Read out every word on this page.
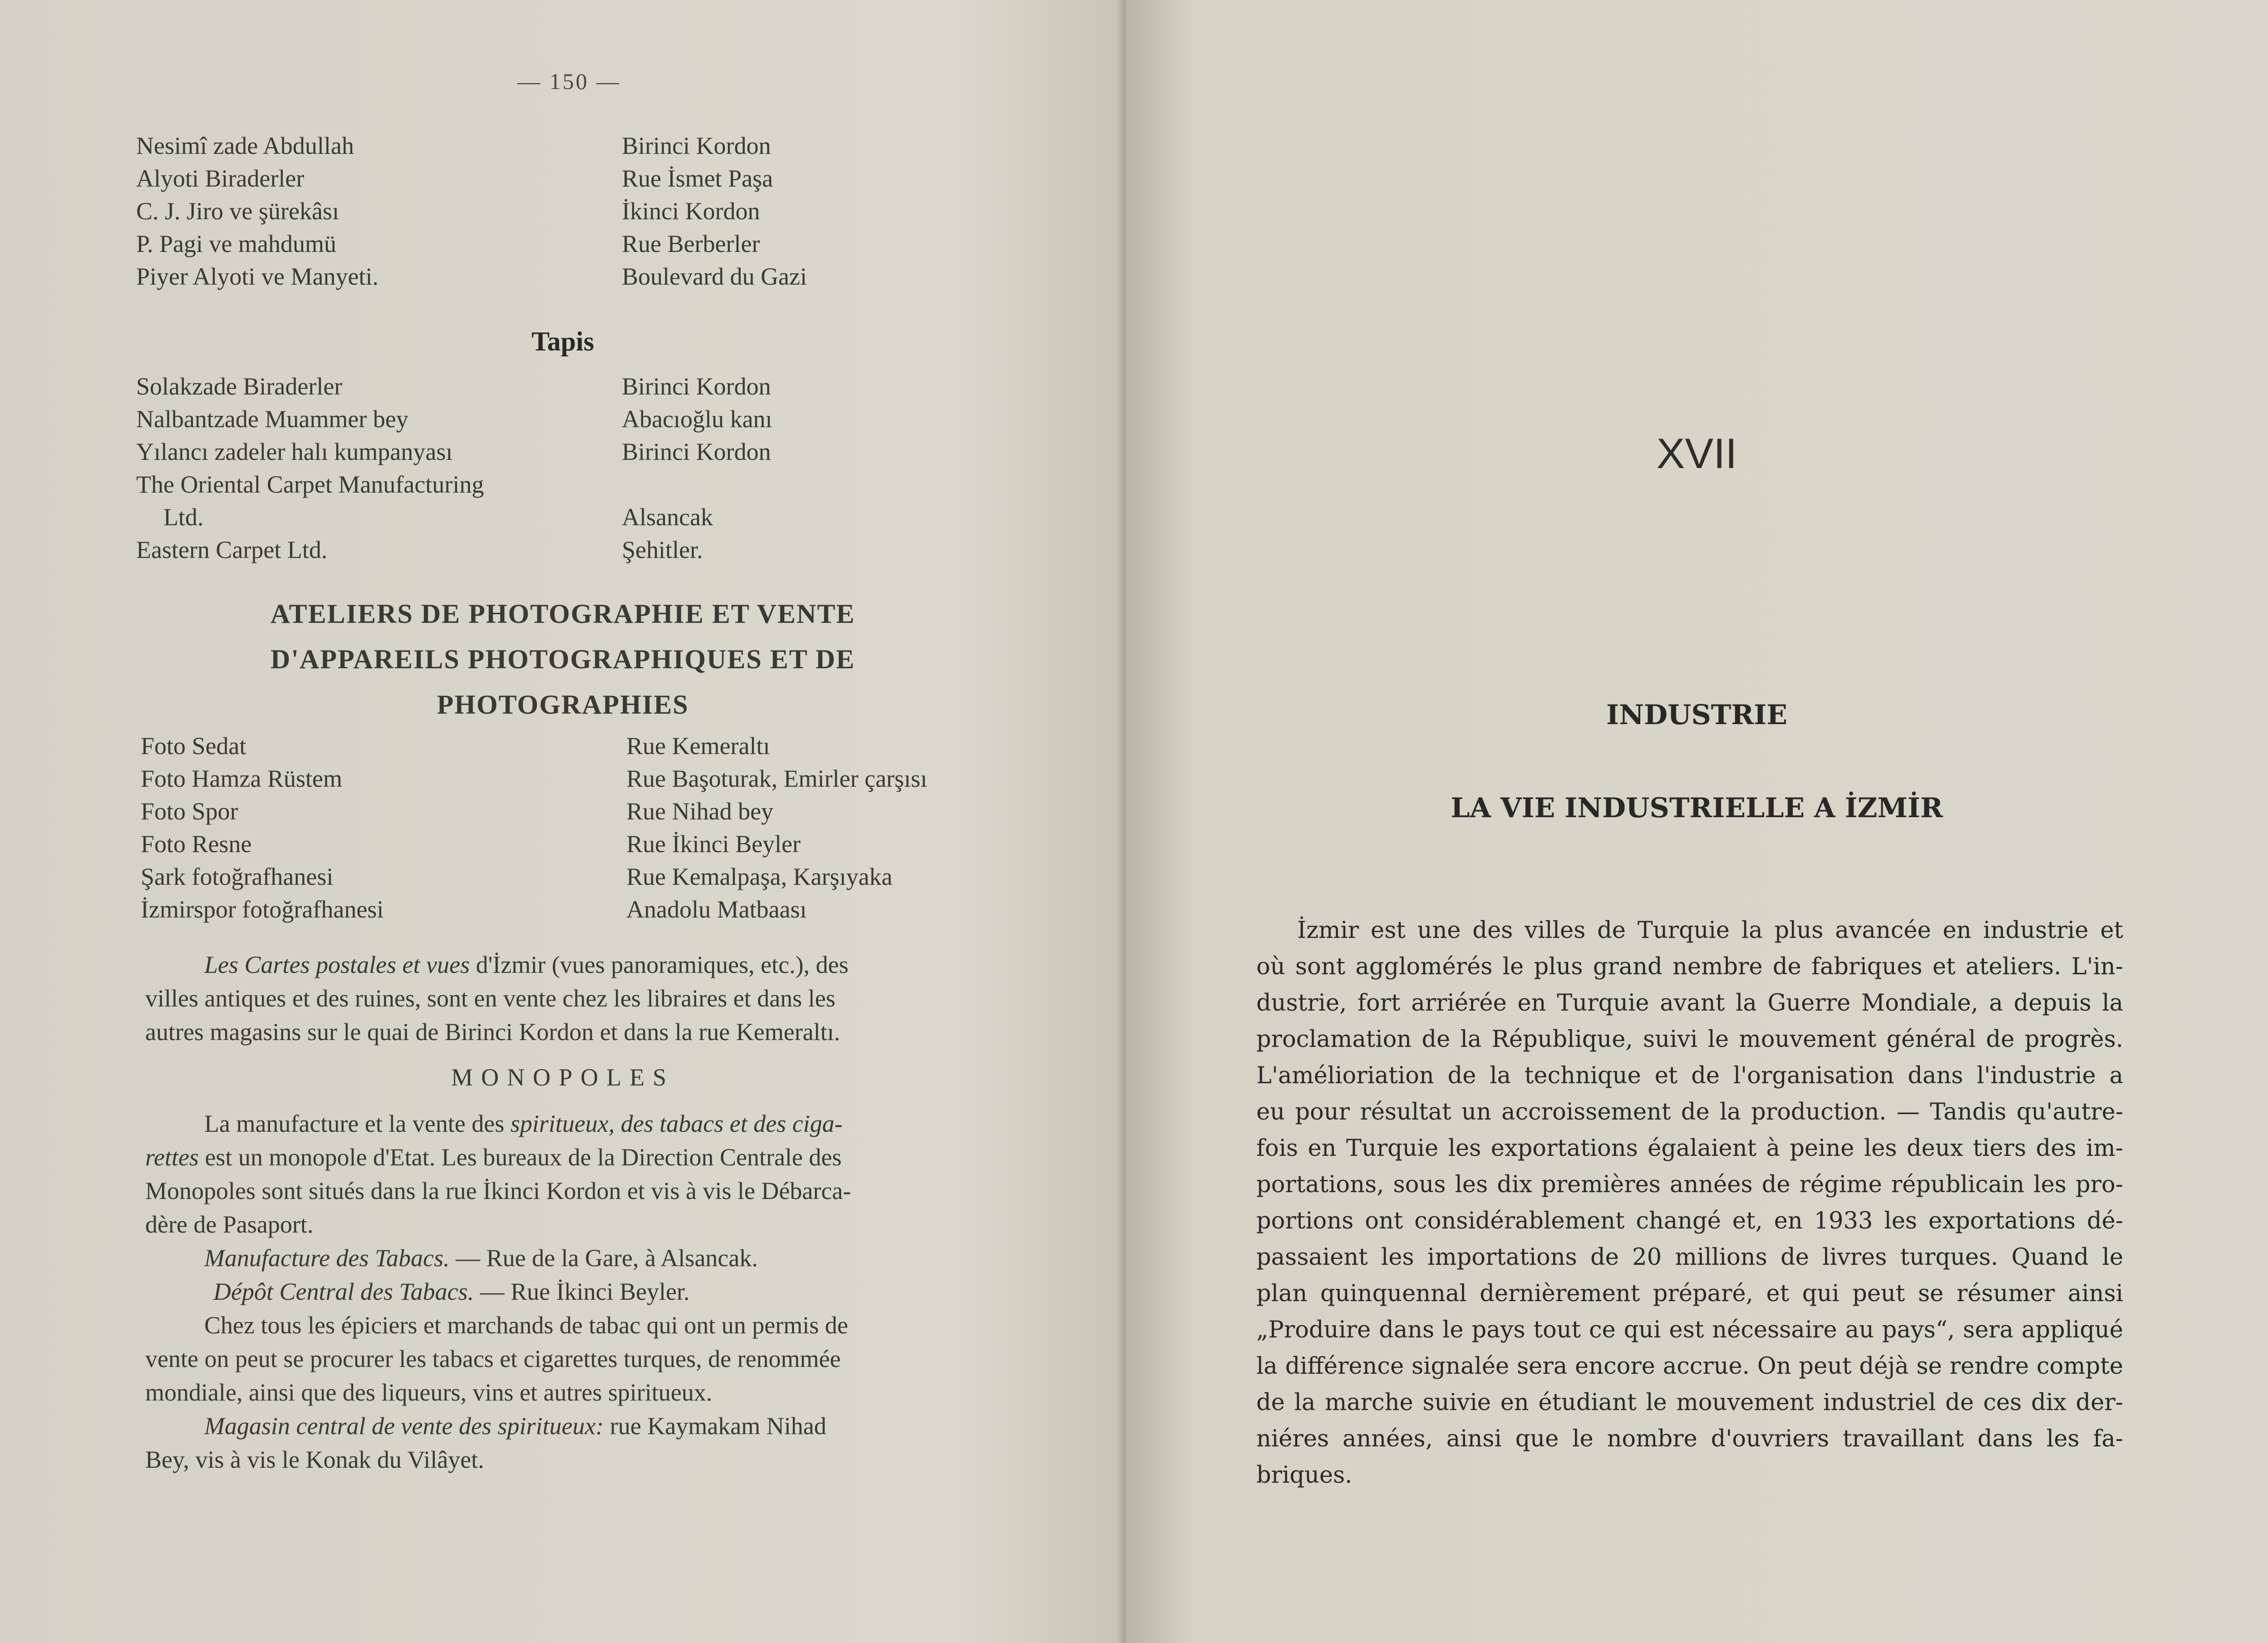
— 150 —
Nesimî zade Abdullah	Birinci Kordon
Alyoti Biraderler	Rue İsmet Paşa
C. J. Jiro ve şürekâsı	İkinci Kordon
P. Pagi ve mahdumü	Rue Berberler
Piyer Alyoti ve Manyeti.	Boulevard du Gazi
Tapis
Solakzade Biraderler	Birinci Kordon
Nalbantzade Muammer bey	Abacıoğlu kanı
Yılancı zadeler halı kumpanyası	Birinci Kordon
The Oriental Carpet Manufacturing
Ltd.	Alsancak
Eastern Carpet Ltd.	Şehitler.
ATELIERS DE PHOTOGRAPHIE ET VENTE
D'APPAREILS PHOTOGRAPHIQUES ET DE
PHOTOGRAPHIES
Foto Sedat	Rue Kemeraltı
Foto Hamza Rüstem	Rue Başoturak, Emirler çarşısı
Foto Spor	Rue Nihad bey
Foto Resne	Rue İkinci Beyler
Şark fotoğrafhanesi	Rue Kemalpaşa, Karşıyaka
İzmirspor fotoğrafhanesi	Anadolu Matbaası
Les Cartes postales et vues d'İzmir (vues panoramiques, etc.), des
villes antiques et des ruines, sont en vente chez les libraires et dans les
autres magasins sur le quai de Birinci Kordon et dans la rue Kemeraltı.
MONOPOLES
La manufacture et la vente des spiritueux, des tabacs et des ciga-
rettes est un monopole d'Etat. Les bureaux de la Direction Centrale des
Monopoles sont situés dans la rue İkinci Kordon et vis à vis le Débarca-
dère de Pasaport.
Manufacture des Tabacs. — Rue de la Gare, à Alsancak.
Dépôt Central des Tabacs. — Rue İkinci Beyler.
Chez tous les épiciers et marchands de tabac qui ont un permis de
vente on peut se procurer les tabacs et cigarettes turques, de renommée
mondiale, ainsi que des liqueurs, vins et autres spiritueux.
Magasin central de vente des spiritueux: rue Kaymakam Nihad
Bey, vis à vis le Konak du Vilâyet.
XVII
INDUSTRIE
LA VIE INDUSTRIELLE A İZMİR
İzmir est une des villes de Turquie la plus avancée en industrie et
où sont agglomérés le plus grand nembre de fabriques et ateliers. L'in-
dustrie, fort arriérée en Turquie avant la Guerre Mondiale, a depuis la
proclamation de la République, suivi le mouvement général de progrès.
L'amélioriation de la technique et de l'organisation dans l'industrie a
eu pour résultat un accroissement de la production. — Tandis qu'autre-
fois en Turquie les exportations égalaient à peine les deux tiers des im-
portations, sous les dix premières années de régime républicain les pro-
portions ont considérablement changé et, en 1933 les exportations dé-
passaient les importations de 20 millions de livres turques. Quand le
plan quinquennal dernièrement préparé, et qui peut se résumer ainsi
„Produire dans le pays tout ce qui est nécessaire au pays“, sera appliqué
la différence signalée sera encore accrue. On peut déjà se rendre compte
de la marche suivie en étudiant le mouvement industriel de ces dix der-
niéres années, ainsi que le nombre d'ouvriers travaillant dans les fa-
briques.
